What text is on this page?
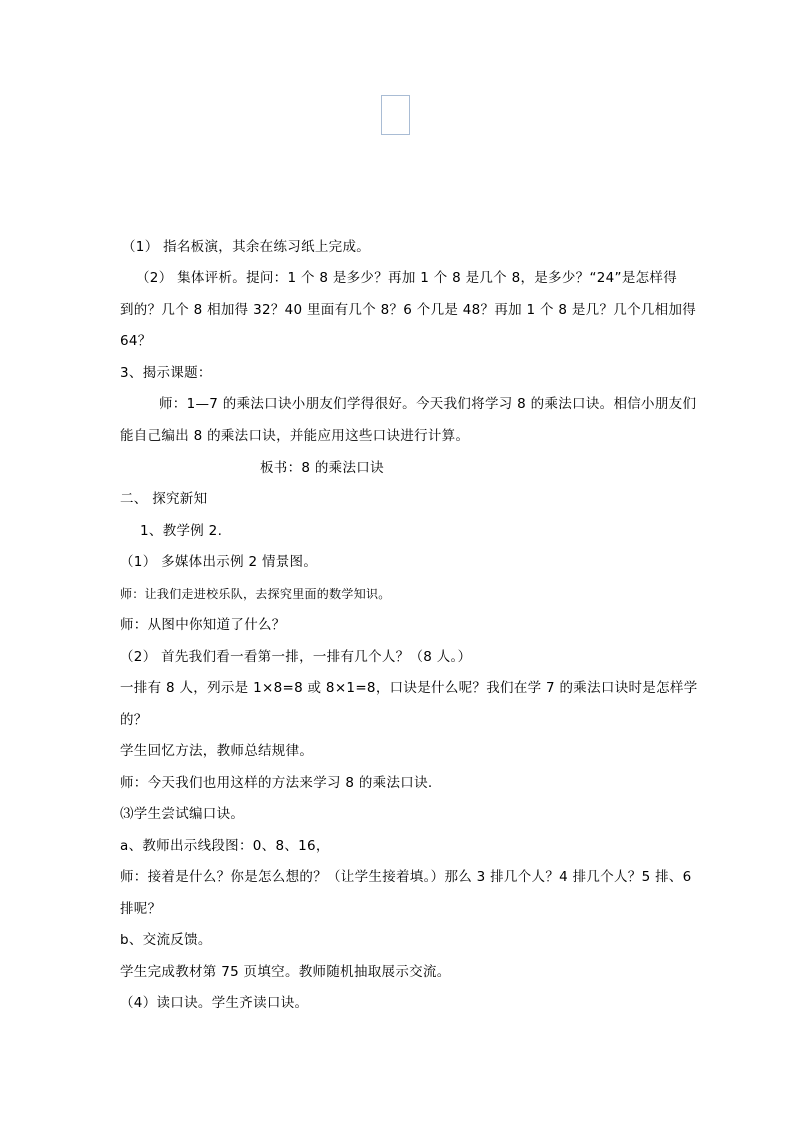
（1） 指名板演，其余在练习纸上完成。
（2） 集体评析。提问：1 个 8 是多少？再加 1 个 8 是几个 8，是多少？“24”是怎样得
到的？几个 8 相加得 32？40 里面有几个 8？6 个几是 48？再加 1 个 8 是几？几个几相加得
64？
3、揭示课题：
师：1—7 的乘法口诀小朋友们学得很好。今天我们将学习 8 的乘法口诀。相信小朋友们
能自己编出 8 的乘法口诀，并能应用这些口诀进行计算。
板书：8 的乘法口诀
二、 探究新知
1、教学例 2.
（1） 多媒体出示例 2 情景图。
师：让我们走进校乐队，去探究里面的数学知识。
师：从图中你知道了什么？
（2） 首先我们看一看第一排，一排有几个人？（8 人。）
一排有 8 人，列示是 1×8=8 或 8×1=8，口诀是什么呢？我们在学 7 的乘法口诀时是怎样学
的？
学生回忆方法，教师总结规律。
师：今天我们也用这样的方法来学习 8 的乘法口诀.
⑶学生尝试编口诀。
a、教师出示线段图：0、8、16，
师：接着是什么？你是怎么想的？（让学生接着填。）那么 3 排几个人？4 排几个人？5 排、6
排呢？
b、交流反馈。
学生完成教材第 75 页填空。教师随机抽取展示交流。
（4）读口诀。学生齐读口诀。
